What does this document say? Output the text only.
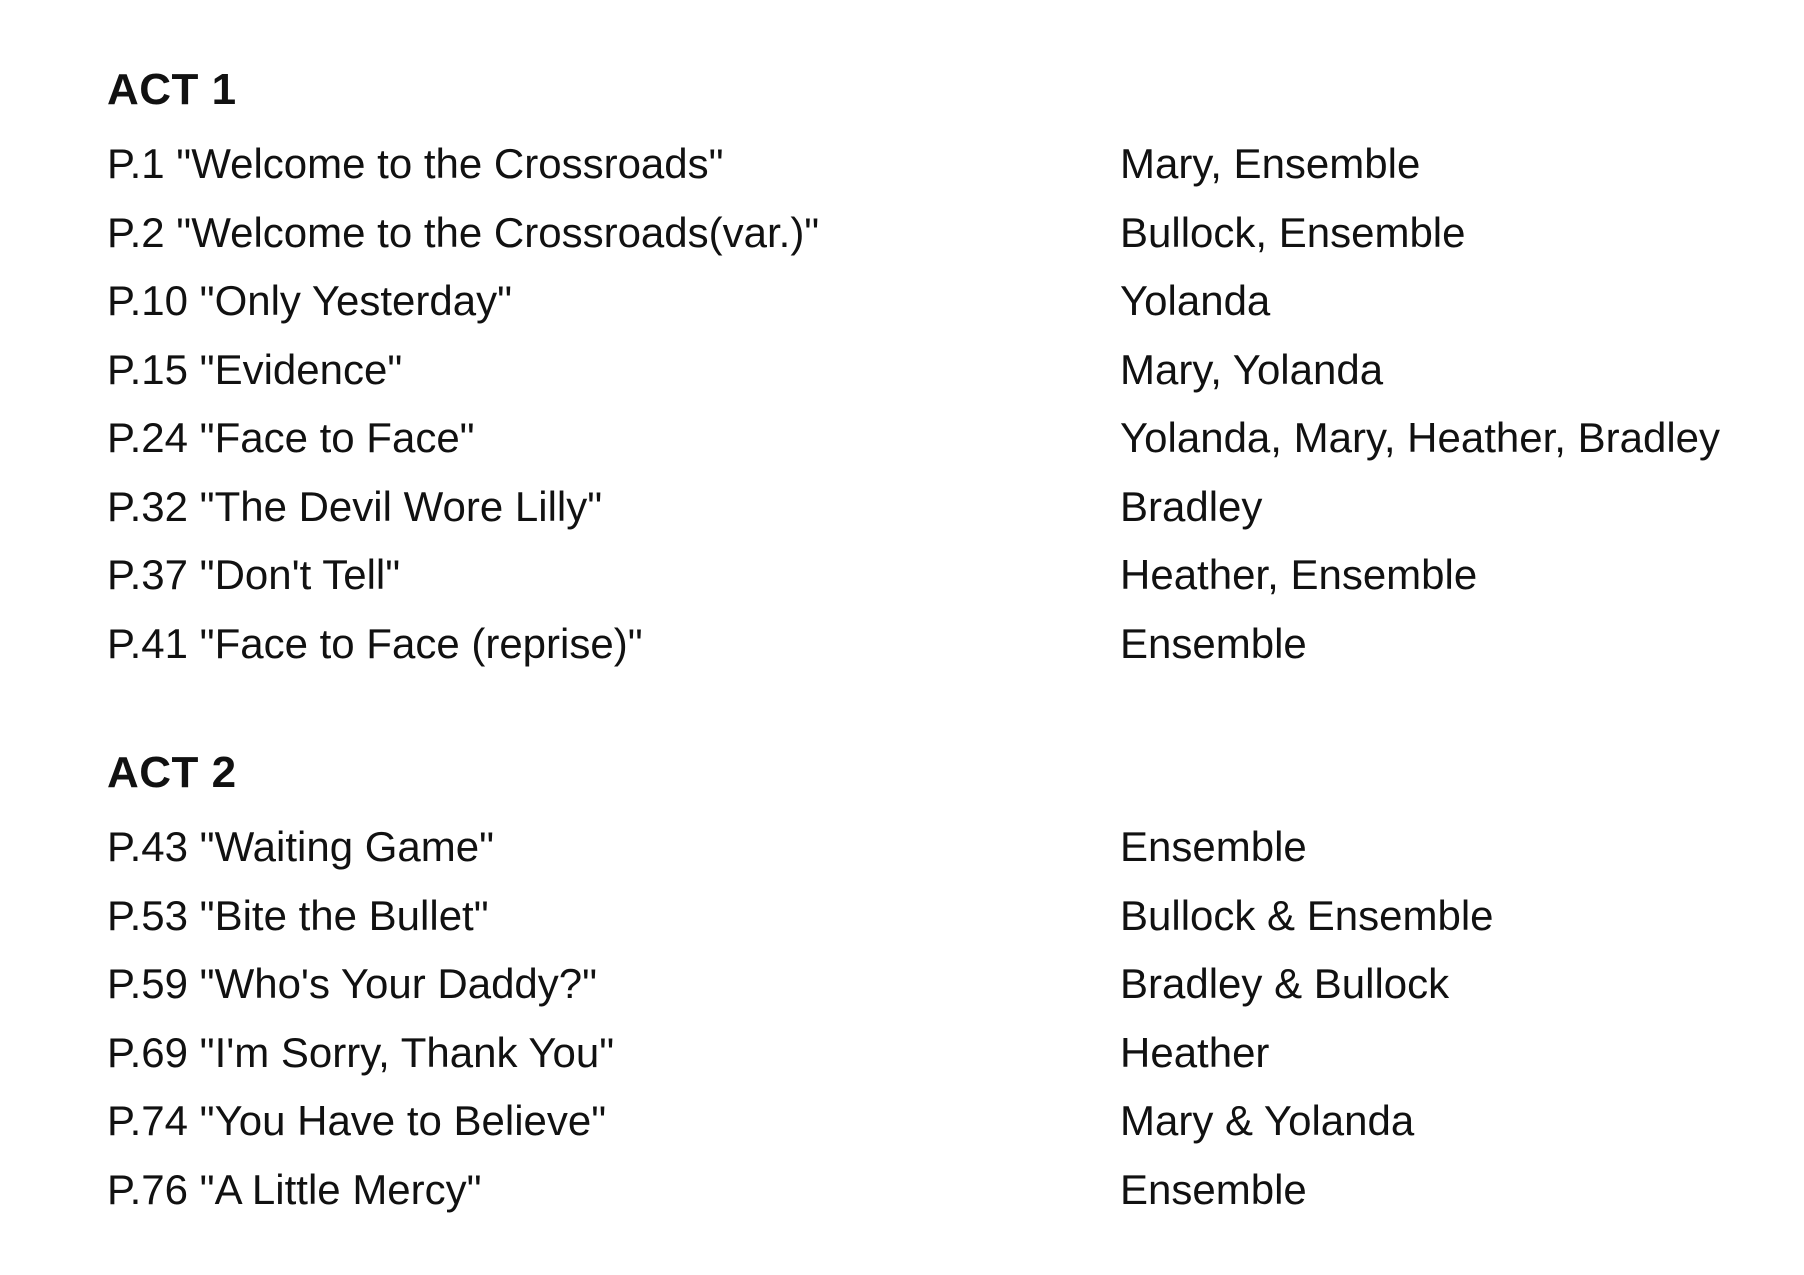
ACT 1
P.1 "Welcome to the Crossroads"	Mary, Ensemble
P.2 "Welcome to the Crossroads(var.)"	Bullock, Ensemble
P.10 "Only Yesterday"	Yolanda
P.15 "Evidence"	Mary, Yolanda
P.24 "Face to Face"	Yolanda, Mary, Heather, Bradley
P.32 "The Devil Wore Lilly"	Bradley
P.37 "Don't Tell"	Heather, Ensemble
P.41 "Face to Face (reprise)"	Ensemble
ACT 2
P.43 "Waiting Game"	Ensemble
P.53 "Bite the Bullet"	Bullock & Ensemble
P.59 "Who's Your Daddy?"	Bradley & Bullock
P.69 "I'm Sorry, Thank You"	Heather
P.74 "You Have to Believe"	Mary & Yolanda
P.76 "A Little Mercy"	Ensemble
